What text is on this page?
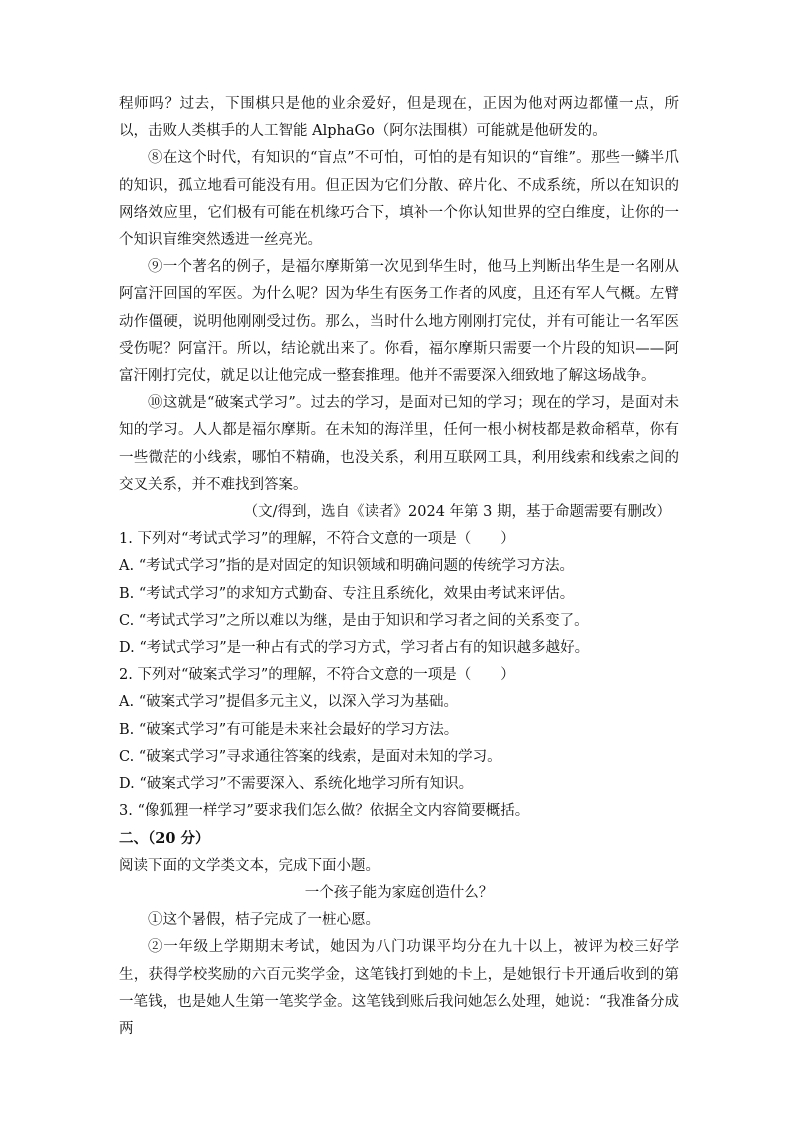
程师吗？过去，下围棋只是他的业余爱好，但是现在，正因为他对两边都懂一点，所以，击败人类棋手的人工智能 AlphaGo（阿尔法围棋）可能就是他研发的。

⑧在这个时代，有知识的“盲点”不可怕，可怕的是有知识的“盲维”。那些一鳞半爪的知识，孤立地看可能没有用。但正因为它们分散、碎片化、不成系统，所以在知识的网络效应里，它们极有可能在机缘巧合下，填补一个你认知世界的空白维度，让你的一个知识盲维突然透进一丝亮光。

⑨一个著名的例子，是福尔摩斯第一次见到华生时，他马上判断出华生是一名刚从阿富汗回国的军医。为什么呢？因为华生有医务工作者的风度，且还有军人气概。左臂动作僵硬，说明他刚刚受过伤。那么，当时什么地方刚刚打完仗，并有可能让一名军医受伤呢？阿富汗。所以，结论就出来了。你看，福尔摩斯只需要一个片段的知识——阿富汗刚打完仗，就足以让他完成一整套推理。他并不需要深入细致地了解这场战争。

⑩这就是“破案式学习”。过去的学习，是面对已知的学习；现在的学习，是面对未知的学习。人人都是福尔摩斯。在未知的海洋里，任何一根小树枝都是救命稻草，你有一些微茫的小线索，哪怕不精确，也没关系，利用互联网工具，利用线索和线索之间的交叉关系，并不难找到答案。

（文/得到，选自《读者》2024 年第 3 期，基于命题需要有删改）

1. 下列对“考试式学习”的理解，不符合文意的一项是（　　）

A. “考试式学习”指的是对固定的知识领域和明确问题的传统学习方法。

B. “考试式学习”的求知方式勤奋、专注且系统化，效果由考试来评估。

C. “考试式学习”之所以难以为继，是由于知识和学习者之间的关系变了。

D. “考试式学习”是一种占有式的学习方式，学习者占有的知识越多越好。

2. 下列对“破案式学习”的理解，不符合文意的一项是（　　）

A. “破案式学习”提倡多元主义，以深入学习为基础。

B. “破案式学习”有可能是未来社会最好的学习方法。

C. “破案式学习”寻求通往答案的线索，是面对未知的学习。

D. “破案式学习”不需要深入、系统化地学习所有知识。

3. “像狐狸一样学习”要求我们怎么做？依据全文内容简要概括。

二、（20 分）

阅读下面的文学类文本，完成下面小题。

一个孩子能为家庭创造什么？

①这个暑假，桔子完成了一桩心愿。

②一年级上学期期末考试，她因为八门功课平均分在九十以上，被评为校三好学生，获得学校奖励的六百元奖学金，这笔钱打到她的卡上，是她银行卡开通后收到的第一笔钱，也是她人生第一笔奖学金。这笔钱到账后我问她怎么处理，她说：“我准备分成两
